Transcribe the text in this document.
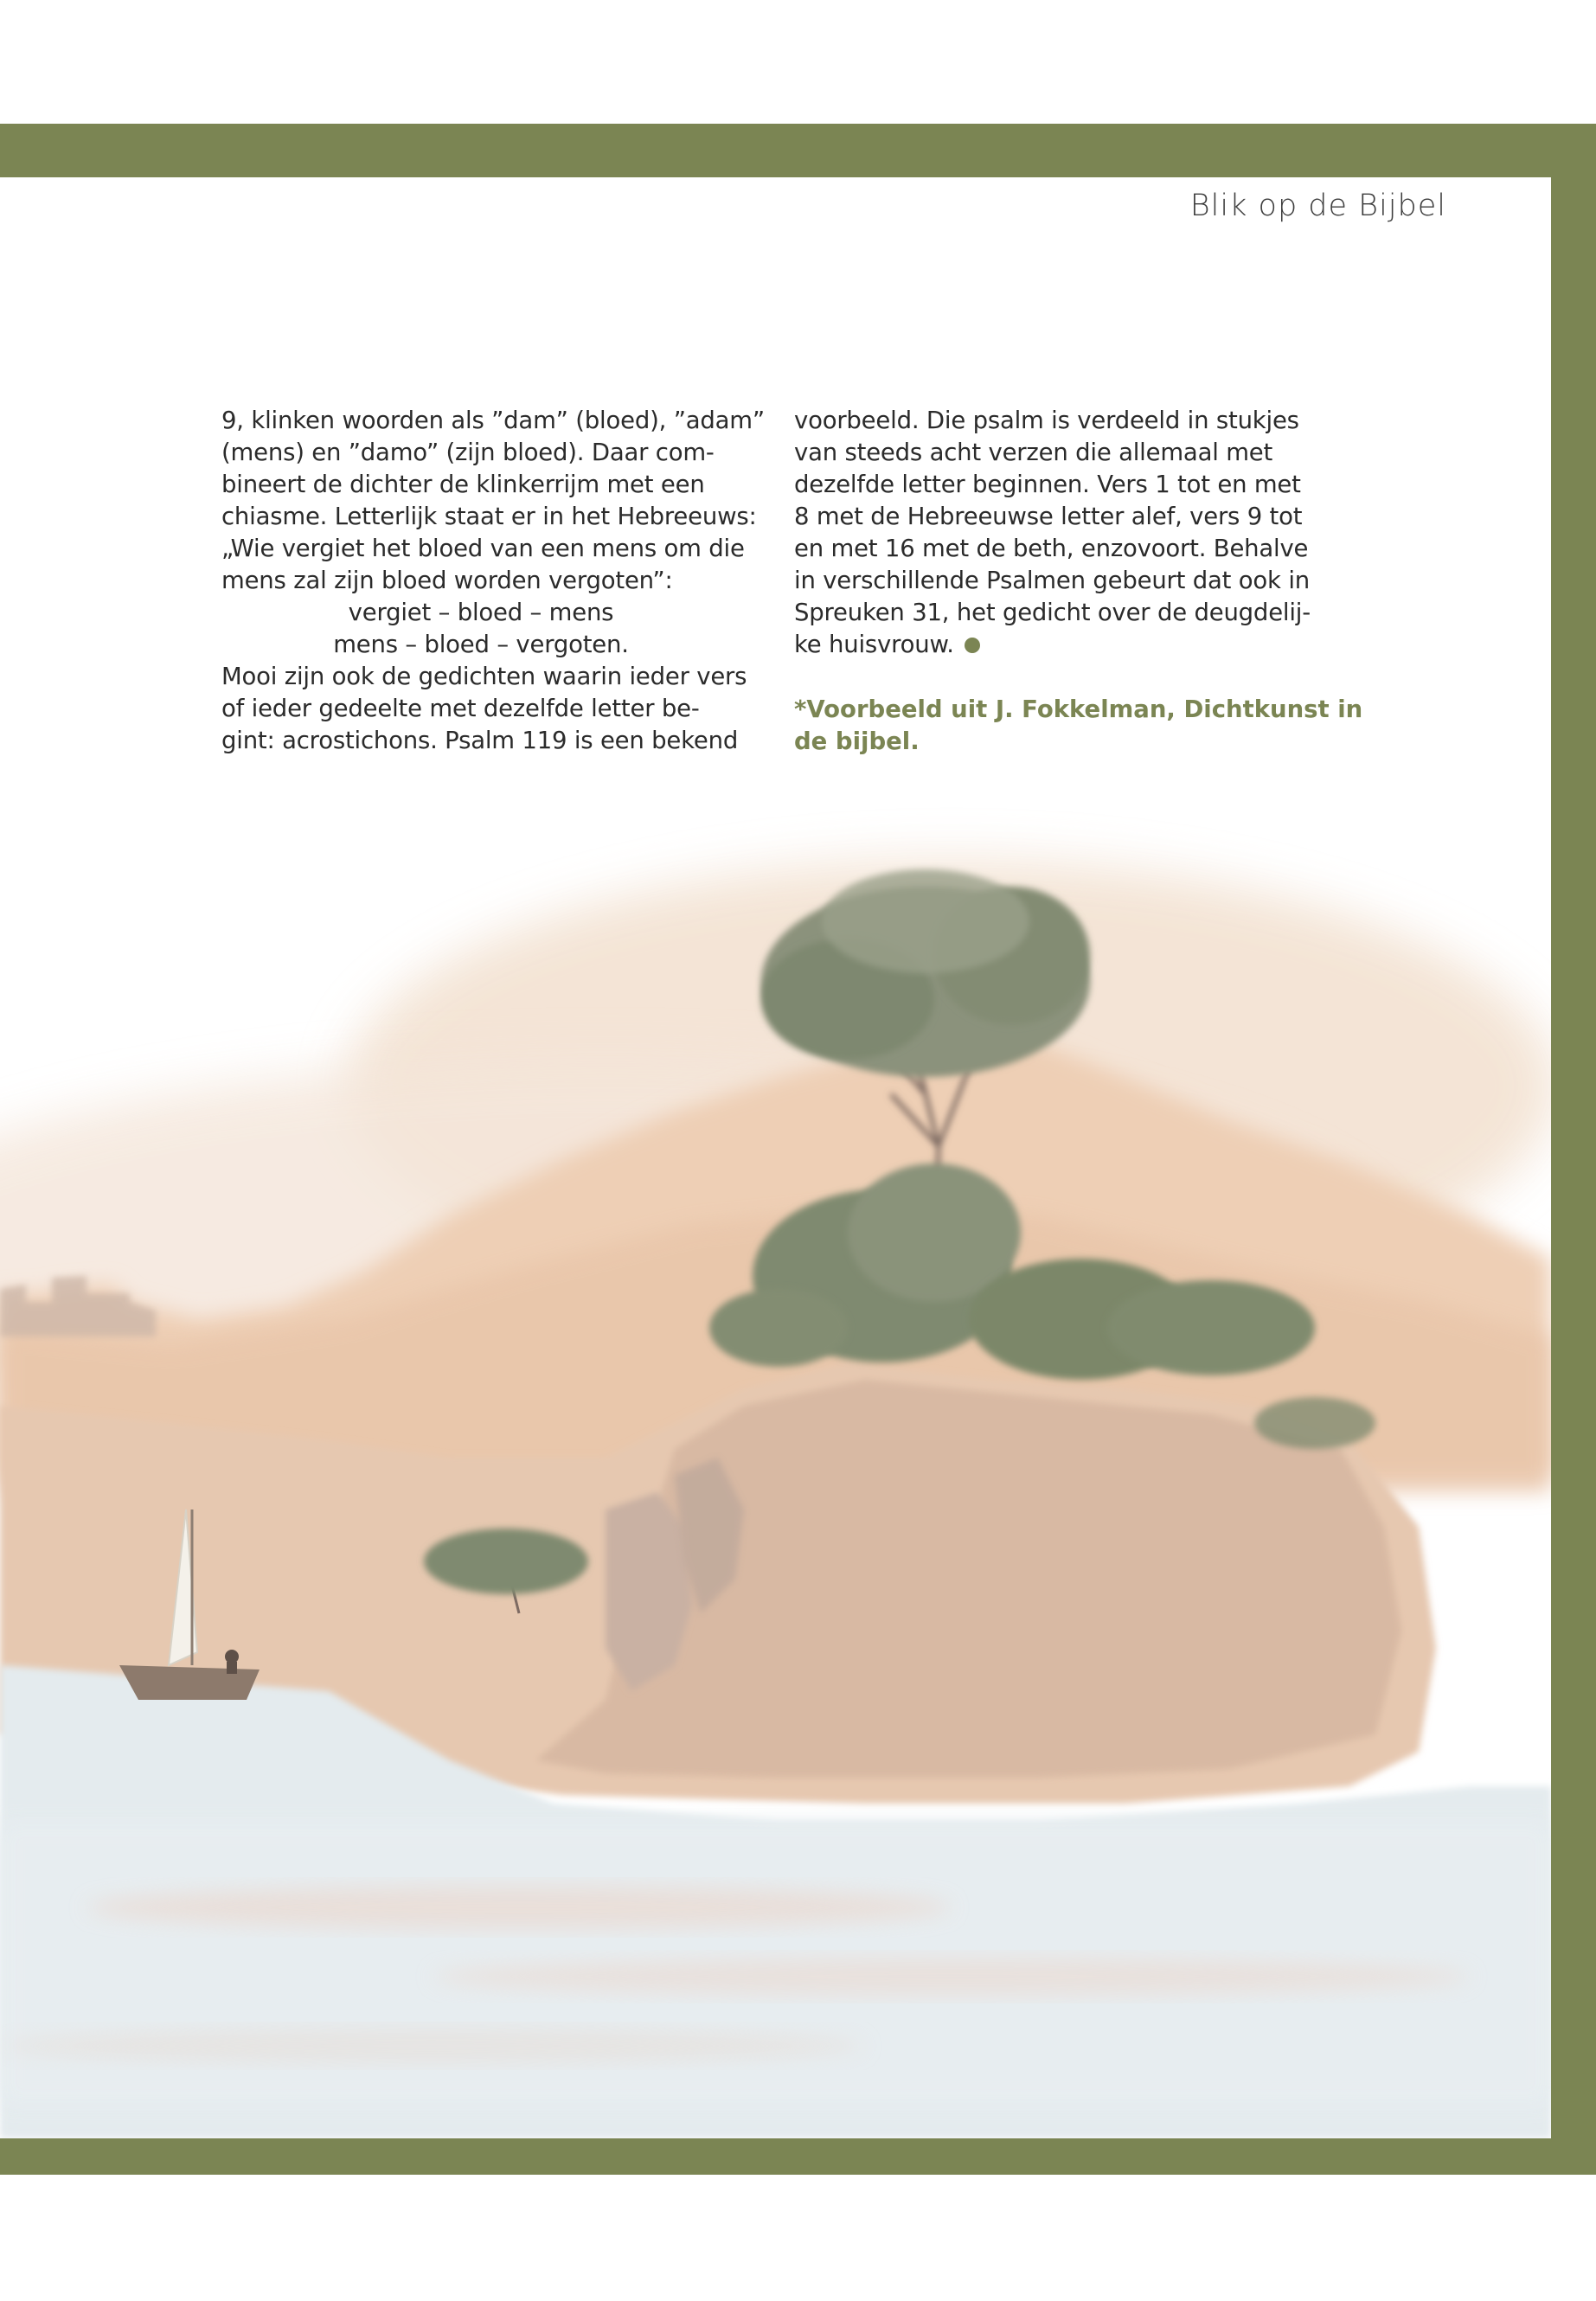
Blik op de Bijbel
9, klinken woorden als ”dam” (bloed), ”adam”
(mens) en ”damo” (zijn bloed). Daar com-
bineert de dichter de klinkerrijm met een
chiasme. Letterlijk staat er in het Hebreeuws:
„Wie vergiet het bloed van een mens om die
mens zal zijn bloed worden vergoten”:
vergiet – bloed – mens
mens – bloed – vergoten.
Mooi zijn ook de gedichten waarin ieder vers
of ieder gedeelte met dezelfde letter be-
gint: acrostichons. Psalm 119 is een bekend
voorbeeld. Die psalm is verdeeld in stukjes
van steeds acht verzen die allemaal met
dezelfde letter beginnen. Vers 1 tot en met
8 met de Hebreeuwse letter alef, vers 9 tot
en met 16 met de beth, enzovoort. Behalve
in verschillende Psalmen gebeurt dat ook in
Spreuken 31, het gedicht over de deugdelij-
ke huisvrouw.
*Voorbeeld uit J. Fokkelman, Dichtkunst in
de bijbel.
